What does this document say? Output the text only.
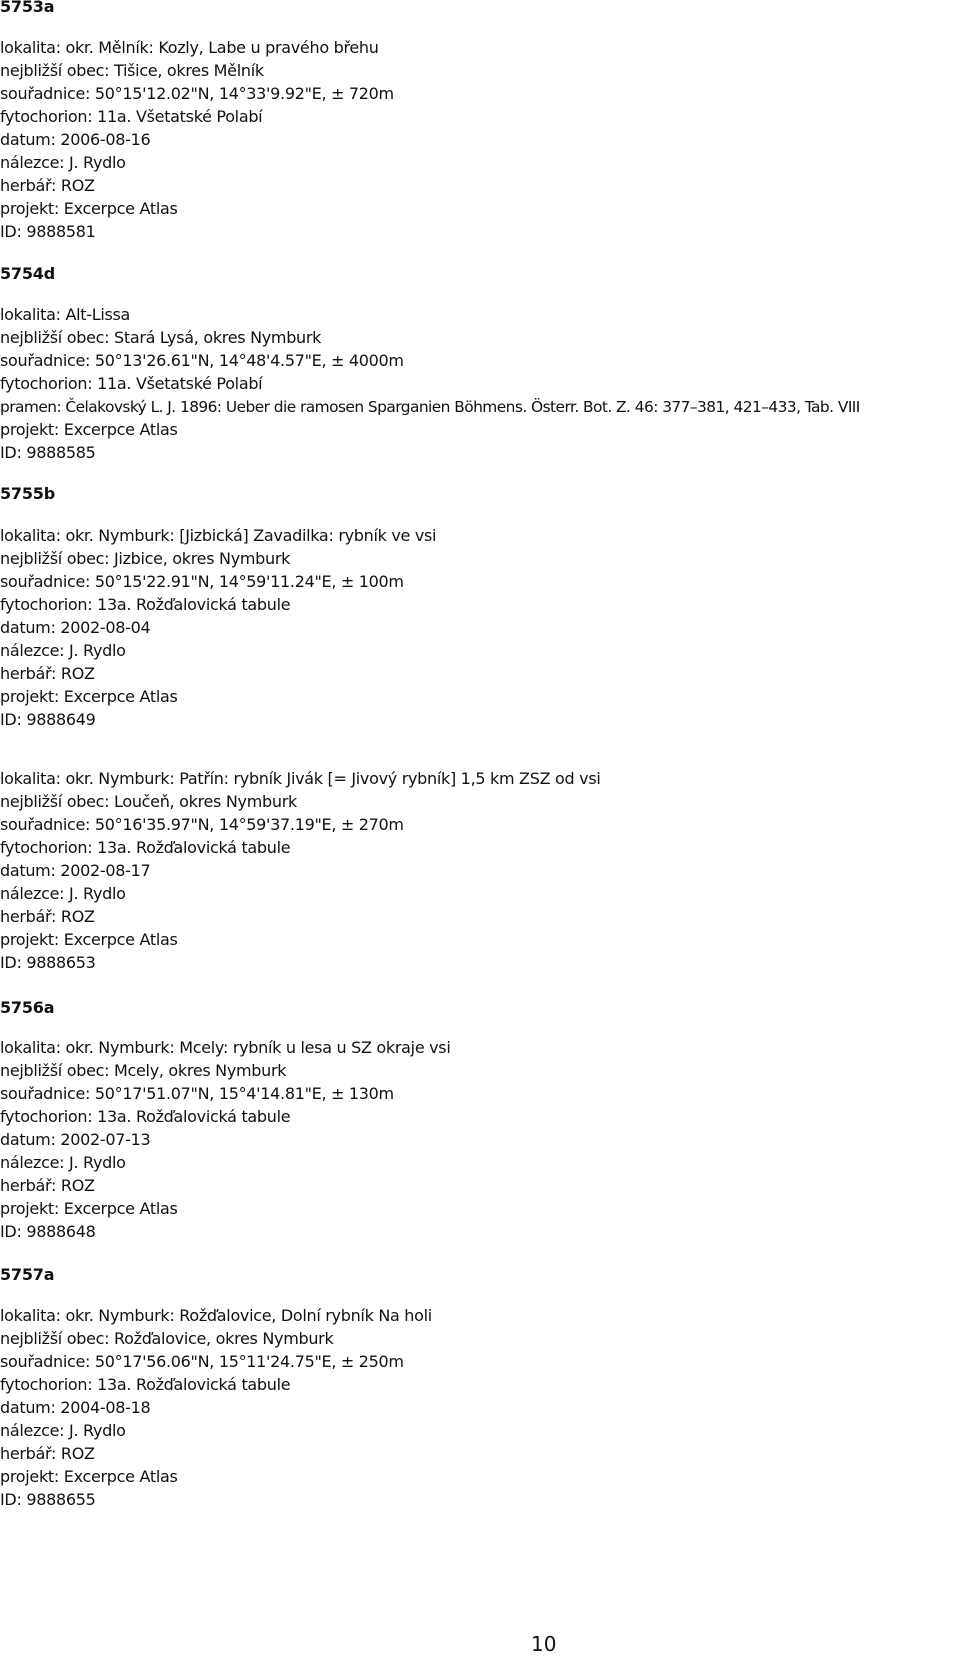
5753a
lokalita: okr. Mělník: Kozly, Labe u pravého břehu
nejbližší obec: Tišice, okres Mělník
souřadnice: 50°15'12.02"N, 14°33'9.92"E, ± 720m
fytochorion: 11a. Všetatské Polabí
datum: 2006-08-16
nálezce: J. Rydlo
herbář: ROZ
projekt: Excerpce Atlas
ID: 9888581
5754d
lokalita: Alt-Lissa
nejbližší obec: Stará Lysá, okres Nymburk
souřadnice: 50°13'26.61"N, 14°48'4.57"E, ± 4000m
fytochorion: 11a. Všetatské Polabí
pramen: Čelakovský L. J. 1896: Ueber die ramosen Sparganien Böhmens. Österr. Bot. Z. 46: 377–381, 421–433, Tab. VIII
projekt: Excerpce Atlas
ID: 9888585
5755b
lokalita: okr. Nymburk: [Jizbická] Zavadilka: rybník ve vsi
nejbližší obec: Jizbice, okres Nymburk
souřadnice: 50°15'22.91"N, 14°59'11.24"E, ± 100m
fytochorion: 13a. Rožďalovická tabule
datum: 2002-08-04
nálezce: J. Rydlo
herbář: ROZ
projekt: Excerpce Atlas
ID: 9888649
lokalita: okr. Nymburk: Patřín: rybník Jivák [= Jivový rybník] 1,5 km ZSZ od vsi
nejbližší obec: Loučeň, okres Nymburk
souřadnice: 50°16'35.97"N, 14°59'37.19"E, ± 270m
fytochorion: 13a. Rožďalovická tabule
datum: 2002-08-17
nálezce: J. Rydlo
herbář: ROZ
projekt: Excerpce Atlas
ID: 9888653
5756a
lokalita: okr. Nymburk: Mcely: rybník u lesa u SZ okraje vsi
nejbližší obec: Mcely, okres Nymburk
souřadnice: 50°17'51.07"N, 15°4'14.81"E, ± 130m
fytochorion: 13a. Rožďalovická tabule
datum: 2002-07-13
nálezce: J. Rydlo
herbář: ROZ
projekt: Excerpce Atlas
ID: 9888648
5757a
lokalita: okr. Nymburk: Rožďalovice, Dolní rybník Na holi
nejbližší obec: Rožďalovice, okres Nymburk
souřadnice: 50°17'56.06"N, 15°11'24.75"E, ± 250m
fytochorion: 13a. Rožďalovická tabule
datum: 2004-08-18
nálezce: J. Rydlo
herbář: ROZ
projekt: Excerpce Atlas
ID: 9888655
10
